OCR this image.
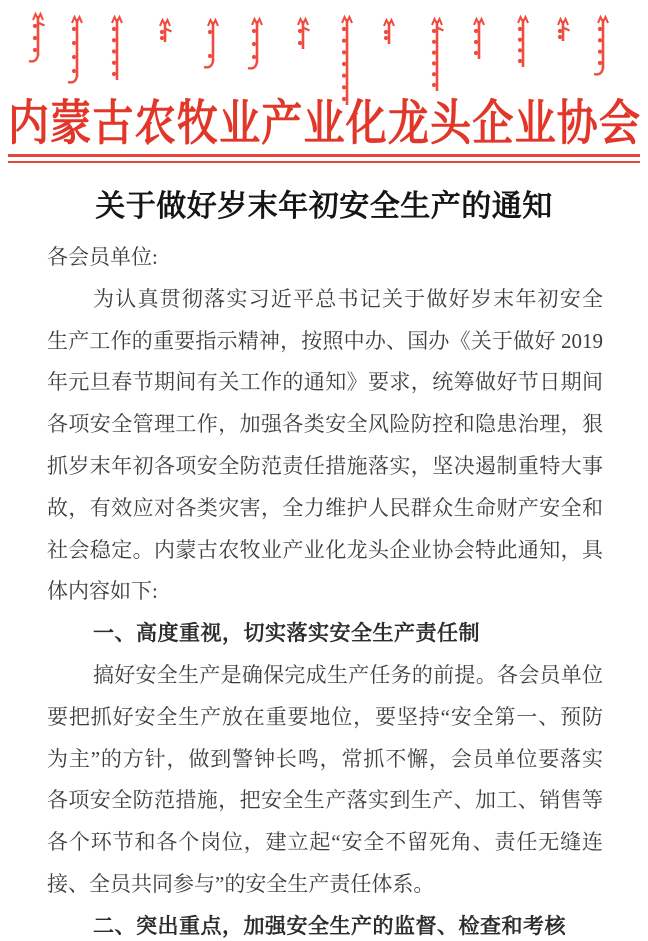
内蒙古农牧业产业化龙头企业协会
关于做好岁末年初安全生产的通知
各会员单位:
为认真贯彻落实习近平总书记关于做好岁末年初安全
生产工作的重要指示精神，按照中办、国办《关于做好 2019
年元旦春节期间有关工作的通知》要求，统筹做好节日期间
各项安全管理工作，加强各类安全风险防控和隐患治理，狠
抓岁末年初各项安全防范责任措施落实，坚决遏制重特大事
故，有效应对各类灾害，全力维护人民群众生命财产安全和
社会稳定。内蒙古农牧业产业化龙头企业协会特此通知，具
体内容如下:
一、高度重视，切实落实安全生产责任制
搞好安全生产是确保完成生产任务的前提。各会员单位
要把抓好安全生产放在重要地位，要坚持“安全第一、预防
为主”的方针，做到警钟长鸣，常抓不懈，会员单位要落实
各项安全防范措施，把安全生产落实到生产、加工、销售等
各个环节和各个岗位，建立起“安全不留死角、责任无缝连
接、全员共同参与”的安全生产责任体系。
二、突出重点，加强安全生产的监督、检查和考核
